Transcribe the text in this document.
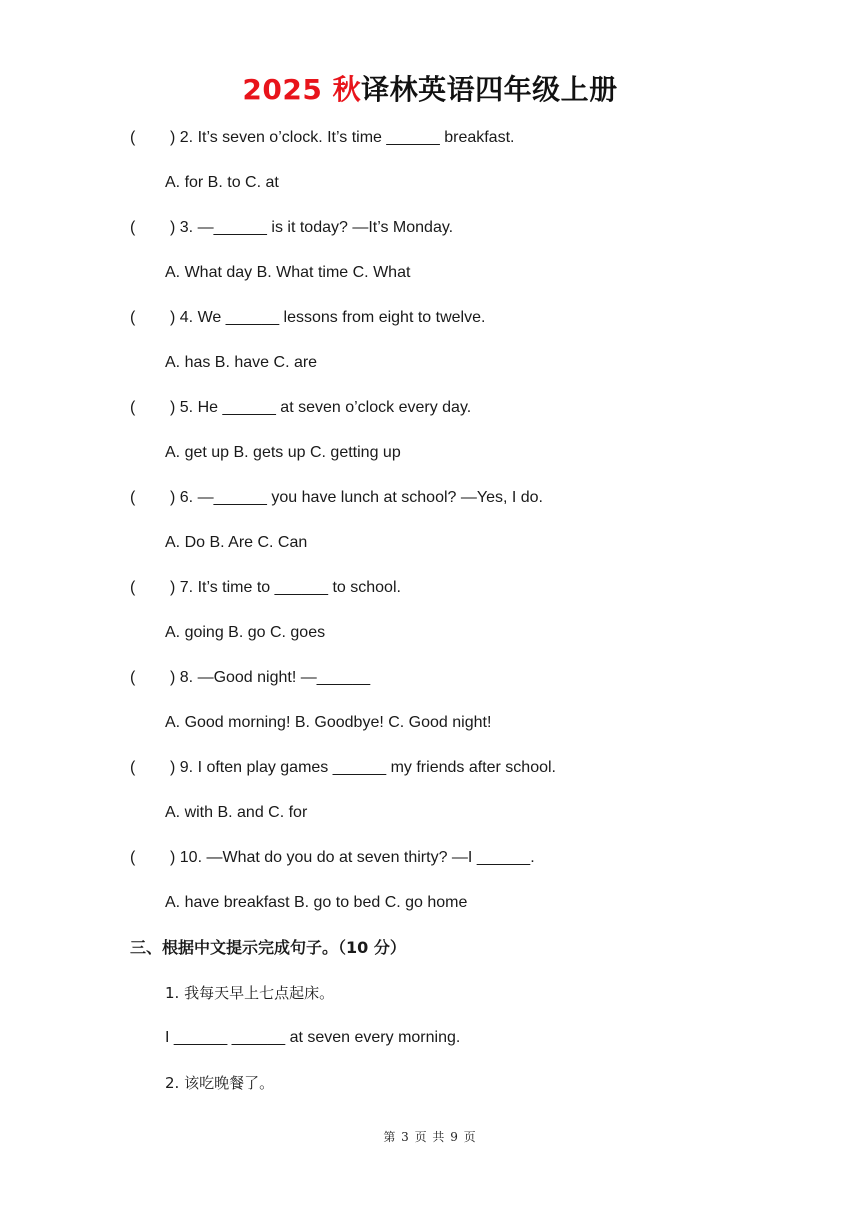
2025 秋译林英语四年级上册
( ) 2. It’s seven o’clock. It’s time ______ breakfast.
A. for B. to C. at
( ) 3. —______ is it today? —It’s Monday.
A. What day B. What time C. What
( ) 4. We ______ lessons from eight to twelve.
A. has B. have C. are
( ) 5. He ______ at seven o’clock every day.
A. get up B. gets up C. getting up
( ) 6. —______ you have lunch at school? —Yes, I do.
A. Do B. Are C. Can
( ) 7. It’s time to ______ to school.
A. going B. go C. goes
( ) 8. —Good night! —______
A. Good morning! B. Goodbye! C. Good night!
( ) 9. I often play games ______ my friends after school.
A. with B. and C. for
( ) 10. —What do you do at seven thirty? —I ______.
A. have breakfast B. go to bed C. go home
三、根据中文提示完成句子。（10 分）
1. 我每天早上七点起床。
I ______ ______ at seven every morning.
2. 该吃晚餐了。
第 3 页 共 9 页
